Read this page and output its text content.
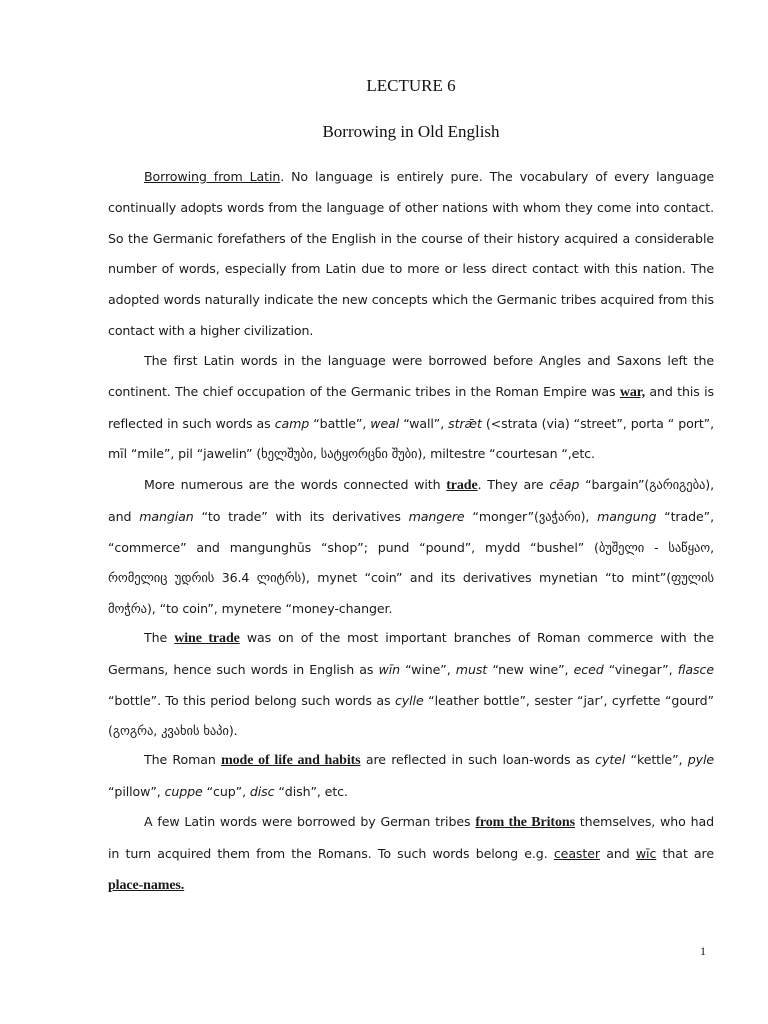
LECTURE 6
Borrowing in Old English
Borrowing from Latin. No language is entirely pure. The vocabulary of every language continually adopts words from the language of other nations with whom they come into contact. So the Germanic forefathers of the English in the course of their history acquired a considerable number of words, especially from Latin due to more or less direct contact with this nation. The adopted words naturally indicate the new concepts which the Germanic tribes acquired from this contact with a higher civilization.
The first Latin words in the language were borrowed before Angles and Saxons left the continent. The chief occupation of the Germanic tribes in the Roman Empire was war, and this is reflected in such words as camp “battle”, weal “wall”, strǣt (<strata (via) “street”, porta “ port”, mīl “mile”, pil “jawelin” (ხელშუბი, სატყორცნი შუბი), miltestre “courtesan “,etc.
More numerous are the words connected with trade. They are cēap “bargain”(გარიგება), and mangian “to trade” with its derivatives mangere “monger”(ვაჭარი), mangung “trade”, “commerce” and mangunghūs “shop”; pund “pound”, mydd “bushel” (ბუშელი - საწყაო, რომელიც უდრის 36.4 ლიტრს), mynet “coin” and its derivatives mynetian “to mint”(ფულის მოჭრა), “to coin”, mynetere “money-changer.
The wine trade was on of the most important branches of Roman commerce with the Germans, hence such words in English as wīn “wine”, must “new wine”, eced “vinegar”, flasce “bottle”. To this period belong such words as cylle “leather bottle”, sester “jar’, cyrfette “gourd” (გოგრა, კვახის ხაპი).
The Roman mode of life and habits are reflected in such loan-words as cytel “kettle”, pyle “pillow”, cuppe “cup”, disc “dish”, etc.
A few Latin words were borrowed by German tribes from the Britons themselves, who had in turn acquired them from the Romans. To such words belong e.g. ceaster and wīc that are place-names.
1
